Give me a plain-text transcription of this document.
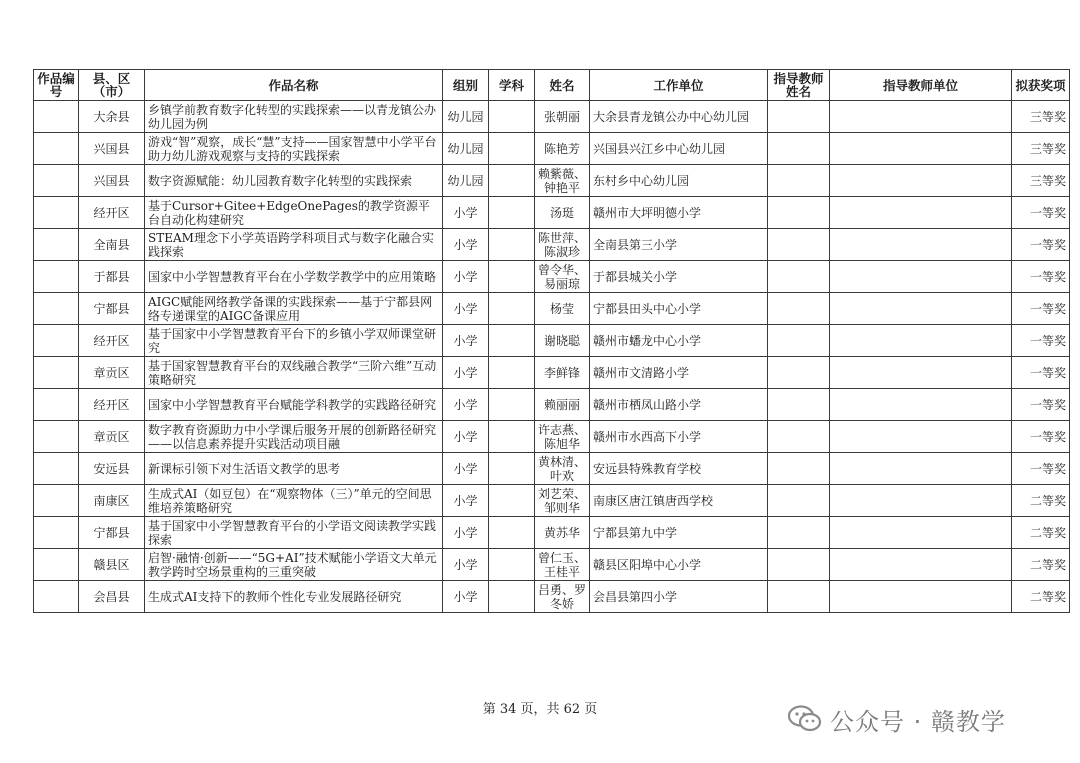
作品编号	县、区（市）	作品名称	组别	学科	姓名	工作单位	指导教师姓名	指导教师单位	拟获奖项
	大余县	乡镇学前教育数字化转型的实践探索——以青龙镇公办幼儿园为例	幼儿园		张朝丽	大余县青龙镇公办中心幼儿园			三等奖
	兴国县	游戏“智”观察，成长“慧”支持——国家智慧中小学平台助力幼儿游戏观察与支持的实践探索	幼儿园		陈艳芳	兴国县兴江乡中心幼儿园			三等奖
	兴国县	数字资源赋能：幼儿园教育数字化转型的实践探索	幼儿园		赖紫薇、钟艳平	东村乡中心幼儿园			三等奖
	经开区	基于Cursor+Gitee+EdgeOnePages的教学资源平台自动化构建研究	小学		汤珽	赣州市大坪明德小学			一等奖
	全南县	STEAM理念下小学英语跨学科项目式与数字化融合实践探索	小学		陈世萍、陈淑珍	全南县第三小学			一等奖
	于都县	国家中小学智慧教育平台在小学数学教学中的应用策略	小学		曾令华、易丽琼	于都县城关小学			一等奖
	宁都县	AIGC赋能网络教学备课的实践探索——基于宁都县网络专递课堂的AIGC备课应用	小学		杨莹	宁都县田头中心小学			一等奖
	经开区	基于国家中小学智慧教育平台下的乡镇小学双师课堂研究	小学		谢晓聪	赣州市蟠龙中心小学			一等奖
	章贡区	基于国家智慧教育平台的双线融合教学“三阶六维”互动策略研究	小学		李鲜锋	赣州市文清路小学			一等奖
	经开区	国家中小学智慧教育平台赋能学科教学的实践路径研究	小学		赖丽丽	赣州市栖凤山路小学			一等奖
	章贡区	数字教育资源助力中小学课后服务开展的创新路径研究——以信息素养提升实践活动项目融	小学		许志燕、陈旭华	赣州市水西高下小学			一等奖
	安远县	新课标引领下对生活语文教学的思考	小学		黄林清、叶欢	安远县特殊教育学校			一等奖
	南康区	生成式AI（如豆包）在“观察物体（三）”单元的空间思维培养策略研究	小学		刘艺荣、邹则华	南康区唐江镇唐西学校			二等奖
	宁都县	基于国家中小学智慧教育平台的小学语文阅读教学实践探索	小学		黄苏华	宁都县第九中学			二等奖
	赣县区	启智·融情·创新——“5G+AI”技术赋能小学语文大单元教学跨时空场景重构的三重突破	小学		曾仁玉、王桂平	赣县区阳埠中心小学			二等奖
	会昌县	生成式AI支持下的教师个性化专业发展路径研究	小学		吕勇、罗冬娇	会昌县第四小学			二等奖
第 34 页，共 62 页	公众号 · 赣教学
